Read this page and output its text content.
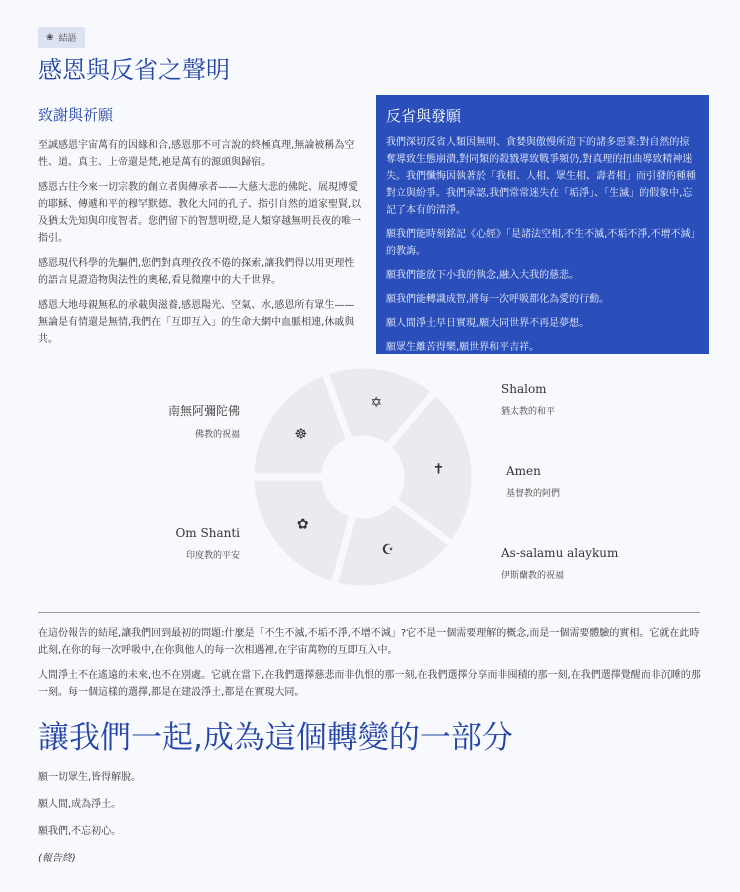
❀ 結語
感恩與反省之聲明
致謝與祈願

至誠感恩宇宙萬有的因緣和合,感恩那不可言說的終極真理,無論被稱為空性、道、真主、上帝還是梵,祂是萬有的源頭與歸宿。

感恩古往今來一切宗教的創立者與傳承者——大慈大悲的佛陀、展現博愛的耶穌、傳遞和平的穆罕默德、教化大同的孔子、指引自然的道家聖賢,以及猶太先知與印度智者。您們留下的智慧明燈,是人類穿越無明長夜的唯一指引。

感恩現代科學的先驅們,您們對真理孜孜不倦的探索,讓我們得以用更理性的語言見證造物與法性的奧秘,看見微塵中的大千世界。

感恩大地母親無私的承載與滋養,感恩陽光、空氣、水,感恩所有眾生——無論是有情還是無情,我們在「互即互入」的生命大網中血脈相連,休戚與共。

反省與發願

我們深切反省人類因無明、貪婪與傲慢所造下的諸多惡業:對自然的掠奪導致生態崩潰,對同類的殺戮導致戰爭頻仍,對真理的扭曲導致精神迷失。我們懺悔因執著於「我相、人相、眾生相、壽者相」而引發的種種對立與紛爭。我們承認,我們常常迷失在「垢淨」、「生滅」的假象中,忘記了本有的清淨。

願我們能時刻銘記《心經》「是諸法空相,不生不滅,不垢不淨,不增不減」的教誨。

願我們能放下小我的執念,融入大我的慈悲。

願我們能轉識成智,將每一次呼吸都化為愛的行動。

願人間淨土早日實現,願大同世界不再是夢想。

願眾生離苦得樂,願世界和平吉祥。

☸
✡
✝
☪
✿
南無阿彌陀佛
佛教的祝福
Shalom
猶太教的和平
Amen
基督教的阿們
As-salamu alaykum
伊斯蘭教的祝福
Om Shanti
印度教的平安

在這份報告的結尾,讓我們回到最初的問題:什麼是「不生不滅,不垢不淨,不增不減」?它不是一個需要理解的概念,而是一個需要體驗的實相。它就在此時此刻,在你的每一次呼吸中,在你與他人的每一次相遇裡,在宇宙萬物的互即互入中。

人間淨土不在遙遠的未來,也不在別處。它就在當下,在我們選擇慈悲而非仇恨的那一刻,在我們選擇分享而非囤積的那一刻,在我們選擇覺醒而非沉睡的那一刻。每一個這樣的選擇,都是在建設淨土,都是在實現大同。

讓我們一起,成為這個轉變的一部分

願一切眾生,皆得解脫。

願人間,成為淨土。

願我們,不忘初心。

(報告終)
